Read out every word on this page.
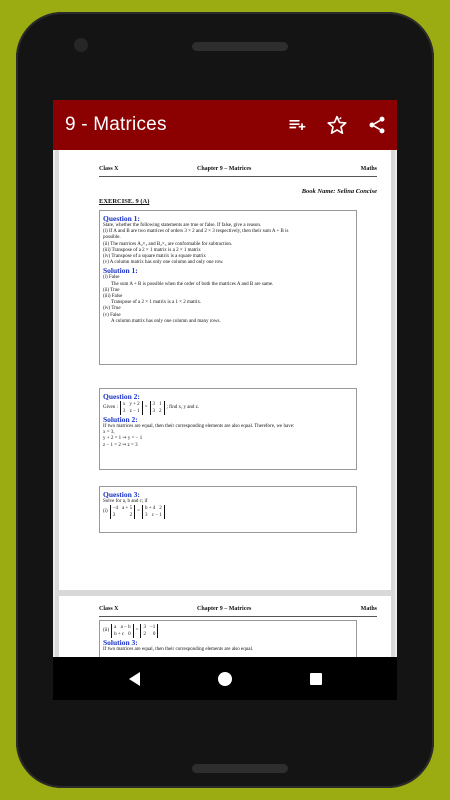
9 - Matrices
Class X	Chapter 9 – Matrices	Maths
Book Name: Selina Concise
EXERCISE. 9 (A)
Question 1:
State, whether the following statements are true or false. If false, give a reason.
(i) If A and B are two matrices of orders 3 × 2 and 2 × 3 respectively, then their sum A + B is
possible.
(ii) The matrices A₂×₃ and B₂×₃ are conformable for subtraction.
(iii) Transpose of a 2 × 1 matrix is a 2 × 1 matrix
(iv) Transpose of a square matrix is a square matrix
(v) A column matrix has only one column and only one row.
Solution 1:
(i) False
The sum A + B is possible when the order of both the matrices A and B are same.
(ii) True
(iii) False
Transpose of a 2 × 1 matrix is a 1 × 2 matrix.
(iv) True
(v) False
A column matrix has only one column and many rows.
Question 2:
Given :
x y + 2
3 z − 1
=
3 1
3 2
; find x, y and z.
Solution 2:
If two matrices are equal, then their corresponding elements are also equal. Therefore, we have:
x = 3,
y + 2 = 1 ⇒ y = − 1
z − 1 = 2 ⇒ z = 3
Question 3:
Solve for a, b and c; if
(i)
−4 a + 5
3	2
=
b + 4 2
3 c − 1
Class X	Chapter 9 – Matrices	Maths
(ii)
a a − b
b + c 0
=
3 −1
2 0
Solution 3:
If two matrices are equal, then their corresponding elements are also equal.
